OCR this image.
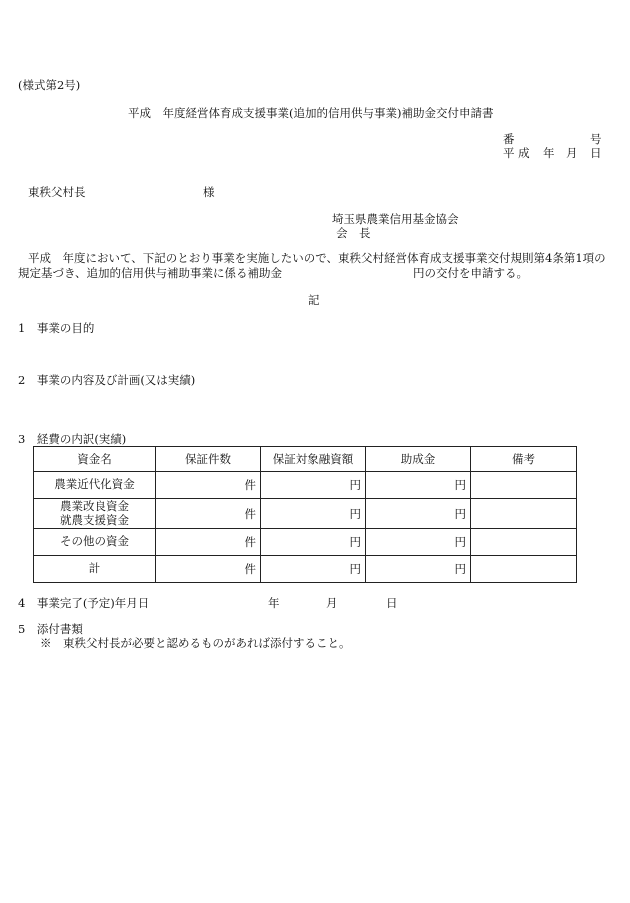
(様式第2号)
平成　年度経営体育成支援事業(追加的信用供与事業)補助金交付申請書
番	号
平 成 年 月 日
東秩父村長	様
埼玉県農業信用基金協会
会　長
平成　年度において、下記のとおり事業を実施したいので、東秩父村経営体育成支援事業交付規則第4条第1項の
規定基づき、追加的信用供与補助事業に係る補助金	円の交付を申請する。
記
1　事業の目的
2　事業の内容及び計画(又は実績)
3　経費の内訳(実績)
資金名	保証件数	保証対象融資額	助成金	備考
農業近代化資金	件	円	円	

農業改良資金
就農支援資金	件	円	円	
その他の資金	件	円	円	
計	件	円	円	
4　事業完了(予定)年月日	年	月	日
5　添付書類
※　東秩父村長が必要と認めるものがあれば添付すること。
